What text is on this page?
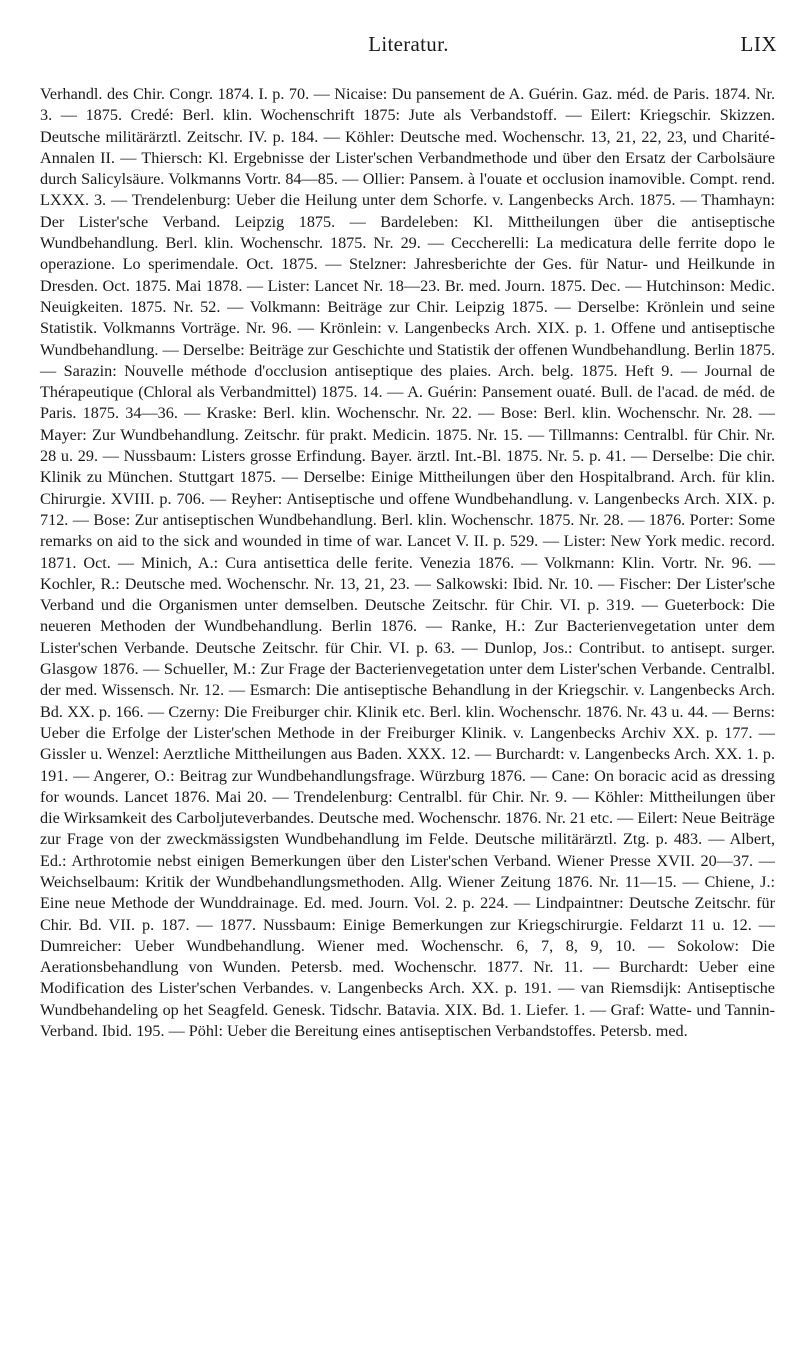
Literatur.	LIX

Verhandl. des Chir. Congr. 1874. I. p. 70. — Nicaise: Du pansement de A. Guérin. Gaz. méd. de Paris. 1874. Nr. 3. — 1875. Credé: Berl. klin. Wochenschrift 1875: Jute als Verbandstoff. — Eilert: Kriegschir. Skizzen. Deutsche militärärztl. Zeitschr. IV. p. 184. — Köhler: Deutsche med. Wochenschr. 13, 21, 22, 23, und Charité-Annalen II. — Thiersch: Kl. Ergebnisse der Lister'schen Verbandmethode und über den Ersatz der Carbolsäure durch Salicylsäure. Volkmanns Vortr. 84—85. — Ollier: Pansem. à l'ouate et occlusion inamovible. Compt. rend. LXXX. 3. — Trendelenburg: Ueber die Heilung unter dem Schorfe. v. Langenbecks Arch. 1875. — Thamhayn: Der Lister'sche Verband. Leipzig 1875. — Bardeleben: Kl. Mittheilungen über die antiseptische Wundbehandlung. Berl. klin. Wochenschr. 1875. Nr. 29. — Ceccherelli: La medicatura delle ferrite dopo le operazione. Lo sperimendale. Oct. 1875. — Stelzner: Jahresberichte der Ges. für Natur- und Heilkunde in Dresden. Oct. 1875. Mai 1878. — Lister: Lancet Nr. 18—23. Br. med. Journ. 1875. Dec. — Hutchinson: Medic. Neuigkeiten. 1875. Nr. 52. — Volkmann: Beiträge zur Chir. Leipzig 1875. — Derselbe: Krönlein und seine Statistik. Volkmanns Vorträge. Nr. 96. — Krönlein: v. Langenbecks Arch. XIX. p. 1. Offene und antiseptische Wundbehandlung. — Derselbe: Beiträge zur Geschichte und Statistik der offenen Wundbehandlung. Berlin 1875. — Sarazin: Nouvelle méthode d'occlusion antiseptique des plaies. Arch. belg. 1875. Heft 9. — Journal de Thérapeutique (Chloral als Verbandmittel) 1875. 14. — A. Guérin: Pansement ouaté. Bull. de l'acad. de méd. de Paris. 1875. 34—36. — Kraske: Berl. klin. Wochenschr. Nr. 22. — Bose: Berl. klin. Wochenschr. Nr. 28. — Mayer: Zur Wundbehandlung. Zeitschr. für prakt. Medicin. 1875. Nr. 15. — Tillmanns: Centralbl. für Chir. Nr. 28 u. 29. — Nussbaum: Listers grosse Erfindung. Bayer. ärztl. Int.-Bl. 1875. Nr. 5. p. 41. — Derselbe: Die chir. Klinik zu München. Stuttgart 1875. — Derselbe: Einige Mittheilungen über den Hospitalbrand. Arch. für klin. Chirurgie. XVIII. p. 706. — Reyher: Antiseptische und offene Wundbehandlung. v. Langenbecks Arch. XIX. p. 712. — Bose: Zur antiseptischen Wundbehandlung. Berl. klin. Wochenschr. 1875. Nr. 28. — 1876. Porter: Some remarks on aid to the sick and wounded in time of war. Lancet V. II. p. 529. — Lister: New York medic. record. 1871. Oct. — Minich, A.: Cura antisettica delle ferite. Venezia 1876. — Volkmann: Klin. Vortr. Nr. 96. — Kochler, R.: Deutsche med. Wochenschr. Nr. 13, 21, 23. — Salkowski: Ibid. Nr. 10. — Fischer: Der Lister'sche Verband und die Organismen unter demselben. Deutsche Zeitschr. für Chir. VI. p. 319. — Gueterbock: Die neueren Methoden der Wundbehandlung. Berlin 1876. — Ranke, H.: Zur Bacterienvegetation unter dem Lister'schen Verbande. Deutsche Zeitschr. für Chir. VI. p. 63. — Dunlop, Jos.: Contribut. to antisept. surger. Glasgow 1876. — Schueller, M.: Zur Frage der Bacterienvegetation unter dem Lister'schen Verbande. Centralbl. der med. Wissensch. Nr. 12. — Esmarch: Die antiseptische Behandlung in der Kriegschir. v. Langenbecks Arch. Bd. XX. p. 166. — Czerny: Die Freiburger chir. Klinik etc. Berl. klin. Wochenschr. 1876. Nr. 43 u. 44. — Berns: Ueber die Erfolge der Lister'schen Methode in der Freiburger Klinik. v. Langenbecks Archiv XX. p. 177. — Gissler u. Wenzel: Aerztliche Mittheilungen aus Baden. XXX. 12. — Burchardt: v. Langenbecks Arch. XX. 1. p. 191. — Angerer, O.: Beitrag zur Wundbehandlungsfrage. Würzburg 1876. — Cane: On boracic acid as dressing for wounds. Lancet 1876. Mai 20. — Trendelenburg: Centralbl. für Chir. Nr. 9. — Köhler: Mittheilungen über die Wirksamkeit des Carboljuteverbandes. Deutsche med. Wochenschr. 1876. Nr. 21 etc. — Eilert: Neue Beiträge zur Frage von der zweckmässigsten Wundbehandlung im Felde. Deutsche militärärztl. Ztg. p. 483. — Albert, Ed.: Arthrotomie nebst einigen Bemerkungen über den Lister'schen Verband. Wiener Presse XVII. 20—37. — Weichselbaum: Kritik der Wundbehandlungsmethoden. Allg. Wiener Zeitung 1876. Nr. 11—15. — Chiene, J.: Eine neue Methode der Wunddrainage. Ed. med. Journ. Vol. 2. p. 224. — Lindpaintner: Deutsche Zeitschr. für Chir. Bd. VII. p. 187. — 1877. Nussbaum: Einige Bemerkungen zur Kriegschirurgie. Feldarzt 11 u. 12. — Dumreicher: Ueber Wundbehandlung. Wiener med. Wochenschr. 6, 7, 8, 9, 10. — Sokolow: Die Aerationsbehandlung von Wunden. Petersb. med. Wochenschr. 1877. Nr. 11. — Burchardt: Ueber eine Modification des Lister'schen Verbandes. v. Langenbecks Arch. XX. p. 191. — van Riemsdijk: Antiseptische Wundbehandeling op het Seagfeld. Genesk. Tidschr. Batavia. XIX. Bd. 1. Liefer. 1. — Graf: Watte- und Tannin-Verband. Ibid. 195. — Pöhl: Ueber die Bereitung eines antiseptischen Verbandstoffes. Petersb. med.
